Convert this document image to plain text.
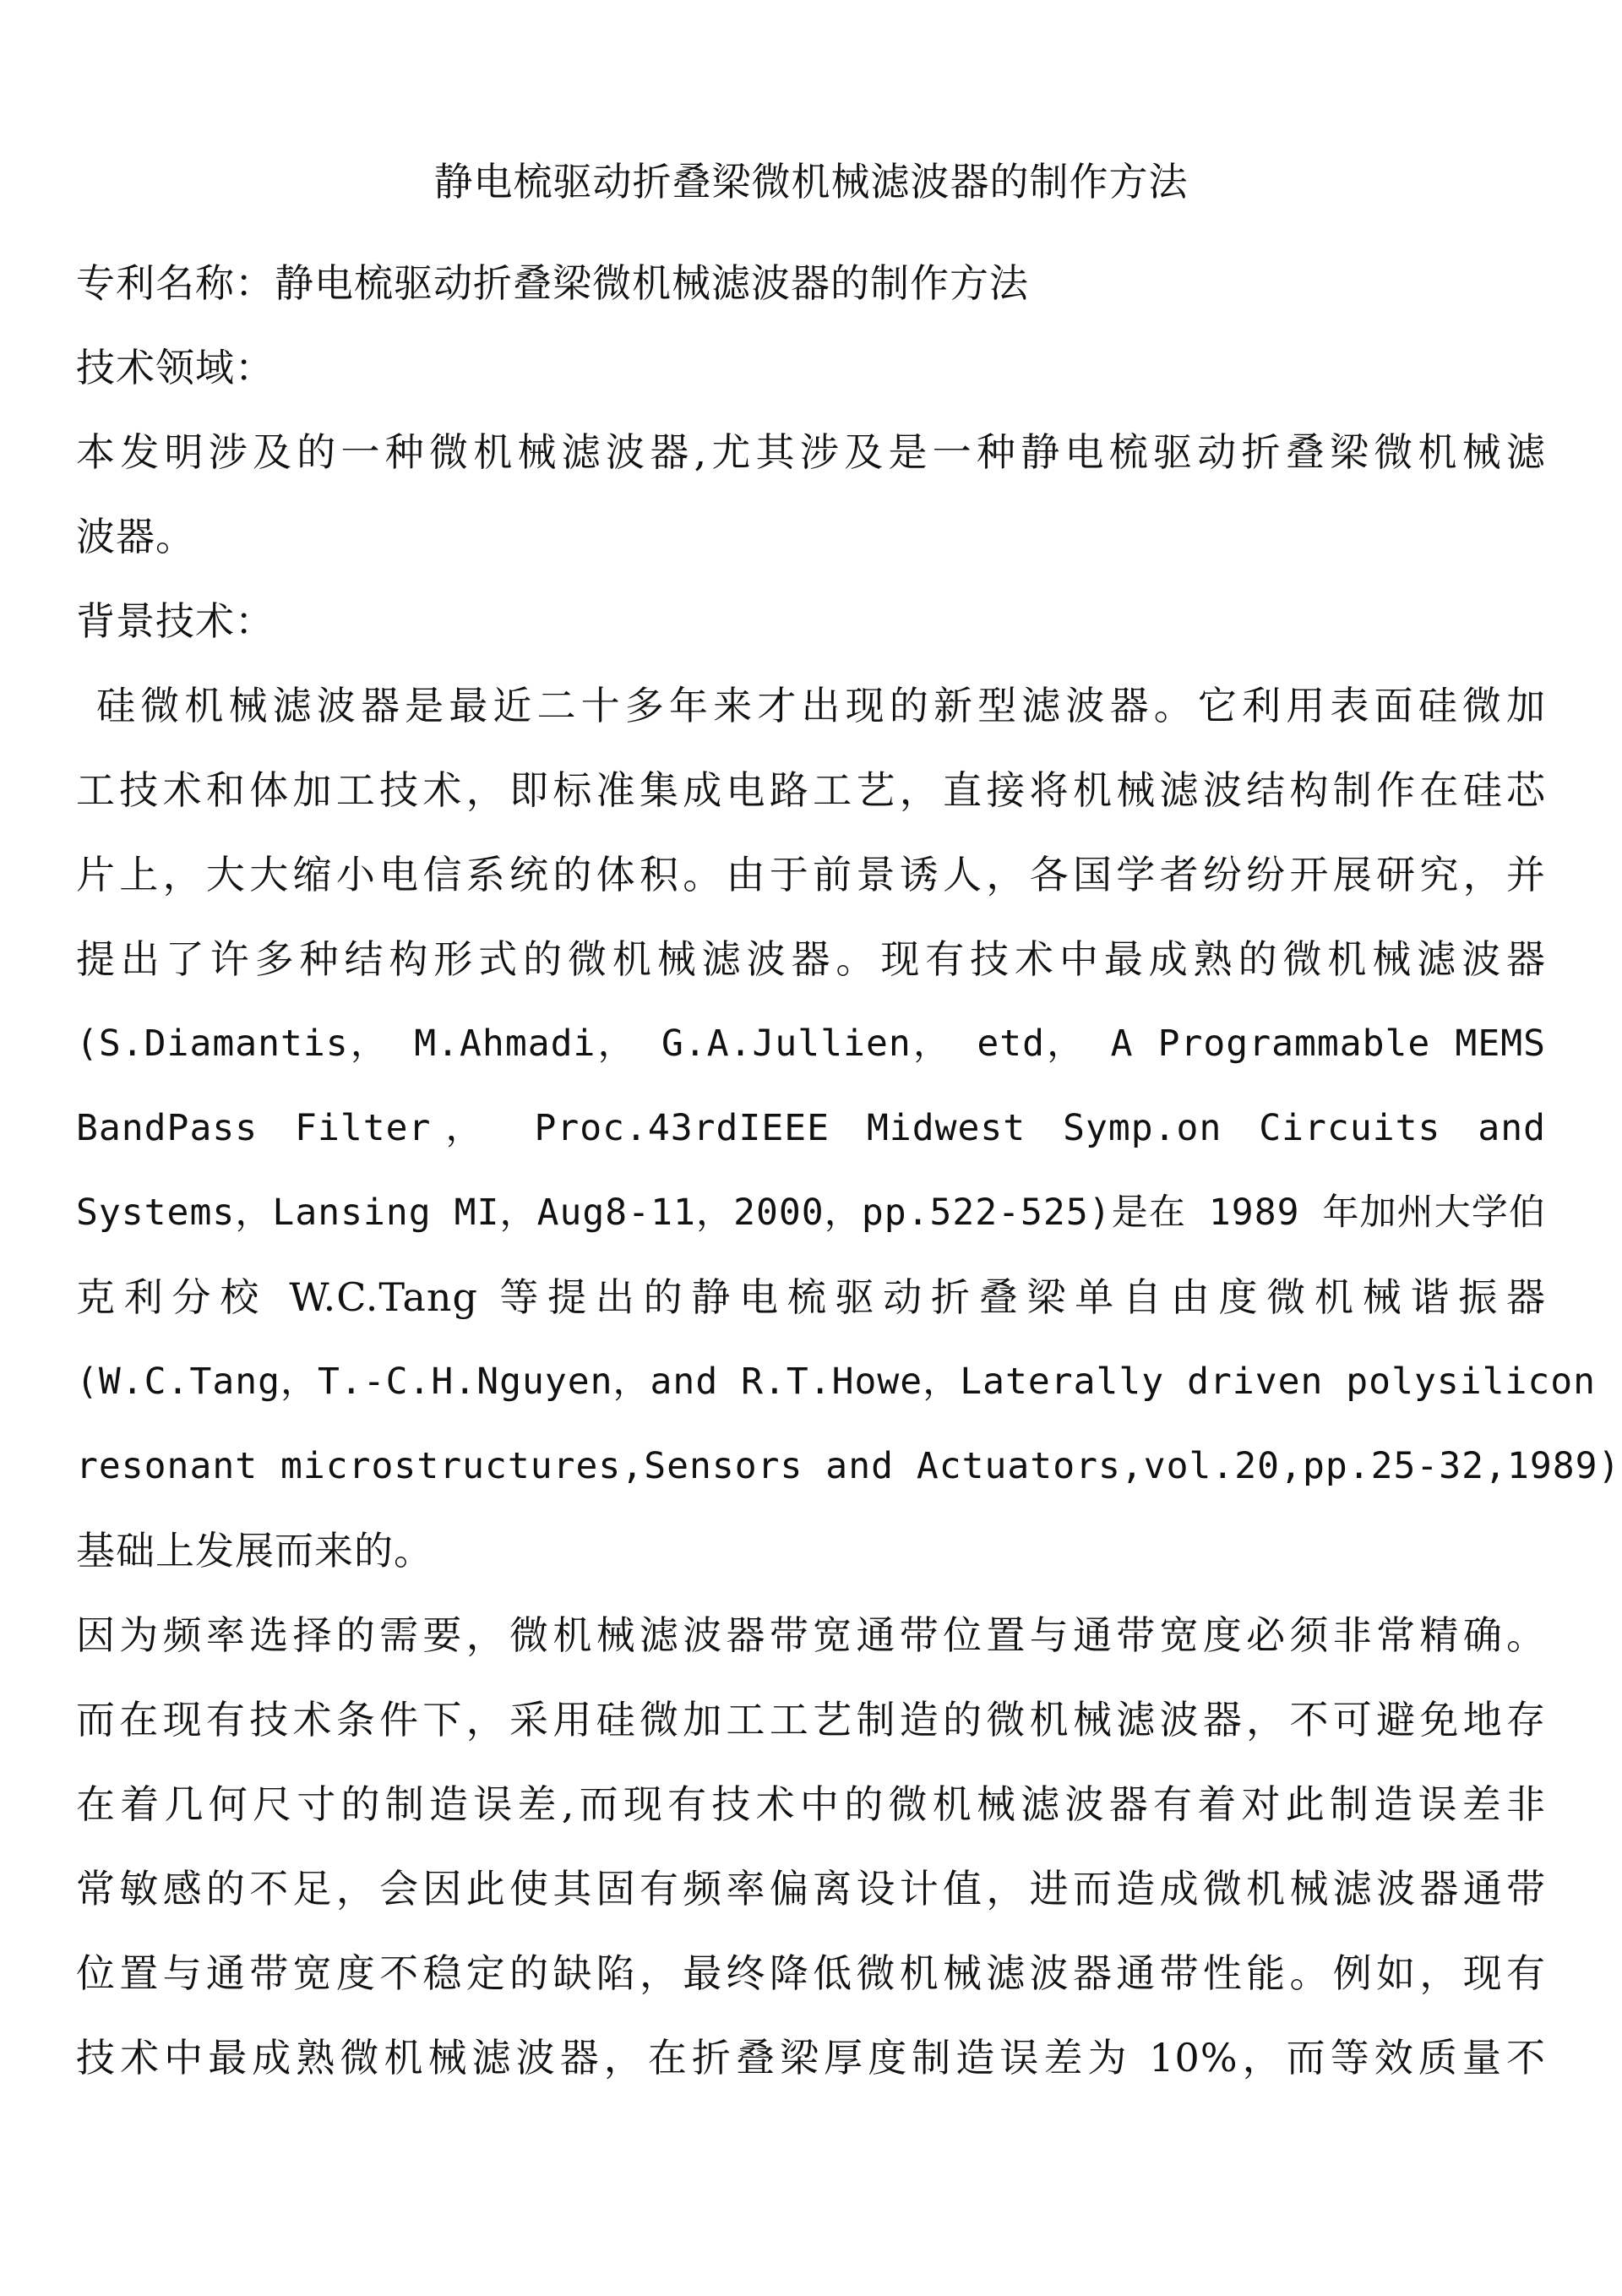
静电梳驱动折叠梁微机械滤波器的制作方法
专利名称：静电梳驱动折叠梁微机械滤波器的制作方法
技术领域：
本发明涉及的一种微机械滤波器,尤其涉及是一种静电梳驱动折叠梁微机械滤
波器。
背景技术：
硅微机械滤波器是最近二十多年来才出现的新型滤波器。它利用表面硅微加
工技术和体加工技术，即标准集成电路工艺，直接将机械滤波结构制作在硅芯
片上，大大缩小电信系统的体积。由于前景诱人，各国学者纷纷开展研究，并
提出了许多种结构形式的微机械滤波器。现有技术中最成熟的微机械滤波器
(S.Diamantis， M.Ahmadi， G.A.Jullien， etd， A Programmable MEMS
BandPass Filter， Proc.43rdIEEE Midwest Symp.on Circuits and
Systems，Lansing MI，Aug8-11，2000，pp.522-525)是在 1989 年加州大学伯
克利分校 W.C.Tang 等提出的静电梳驱动折叠梁单自由度微机械谐振器
(W.C.Tang，T.-C.H.Nguyen，and R.T.Howe，Laterally driven polysilicon
resonant microstructures,Sensors and Actuators,vol.20,pp.25-32,1989)
基础上发展而来的。
因为频率选择的需要，微机械滤波器带宽通带位置与通带宽度必须非常精确。
而在现有技术条件下，采用硅微加工工艺制造的微机械滤波器，不可避免地存
在着几何尺寸的制造误差,而现有技术中的微机械滤波器有着对此制造误差非
常敏感的不足，会因此使其固有频率偏离设计值，进而造成微机械滤波器通带
位置与通带宽度不稳定的缺陷，最终降低微机械滤波器通带性能。例如，现有
技术中最成熟微机械滤波器，在折叠梁厚度制造误差为 10%，而等效质量不
